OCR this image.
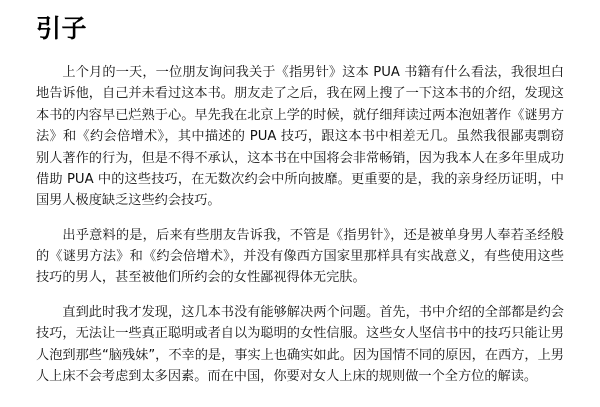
引子

上个月的一天，一位朋友询问我关于《指男针》这本 PUA 书籍有什么看法，我很坦白地告诉他，自己并未看过这本书。朋友走了之后，我在网上搜了一下这本书的介绍，发现这本书的内容早已烂熟于心。早先我在北京上学的时候，就仔细拜读过两本泡妞著作《谜男方法》和《约会倍增术》，其中描述的 PUA 技巧，跟这本书中相差无几。虽然我很鄙夷剽窃别人著作的行为，但是不得不承认，这本书在中国将会非常畅销，因为我本人在多年里成功借助 PUA 中的这些技巧，在无数次约会中所向披靡。更重要的是，我的亲身经历证明，中国男人极度缺乏这些约会技巧。

出乎意料的是，后来有些朋友告诉我，不管是《指男针》，还是被单身男人奉若圣经般的《谜男方法》和《约会倍增术》，并没有像西方国家里那样具有实战意义，有些使用这些技巧的男人，甚至被他们所约会的女性鄙视得体无完肤。

直到此时我才发现，这几本书没有能够解决两个问题。首先，书中介绍的全部都是约会技巧，无法让一些真正聪明或者自以为聪明的女性信服。这些女人坚信书中的技巧只能让男人泡到那些“脑残妹”，不幸的是，事实上也确实如此。因为国情不同的原因，在西方，上男人上床不会考虑到太多因素。而在中国，你要对女人上床的规则做一个全方位的解读。
